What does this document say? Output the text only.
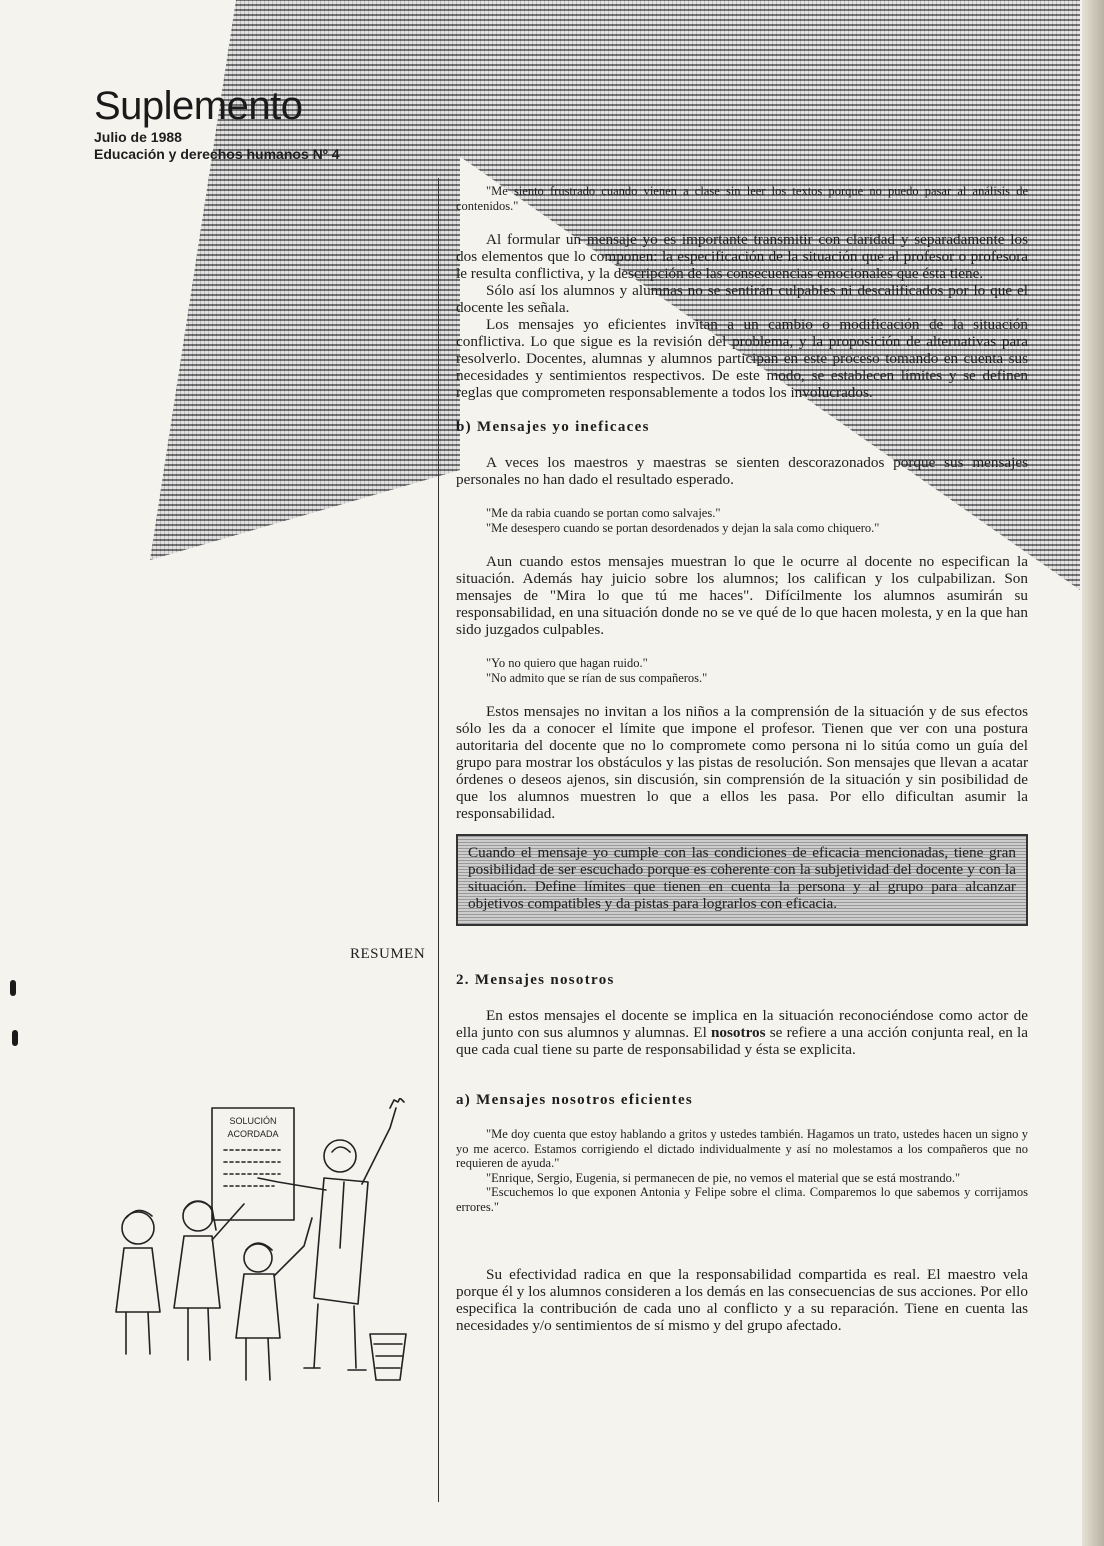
Suplemento
Julio de 1988
Educación y derechos humanos Nº 4
RESUMEN

"Me siento frustrado cuando vienen a clase sin leer los textos porque no puedo pasar al análisis de contenidos."

Al formular un mensaje yo es importante transmitir con claridad y separadamente los dos elementos que lo componen: la especificación de la situación que al profesor o profesora le resulta conflictiva, y la descripción de las consecuencias emocionales que ésta tiene.

Sólo así los alumnos y alumnas no se sentirán culpables ni descalificados por lo que el docente les señala.

Los mensajes yo eficientes invitan a un cambio o modificación de la situación conflictiva. Lo que sigue es la revisión del problema, y la proposición de alternativas para resolverlo. Docentes, alumnas y alumnos participan en este proceso tomando en cuenta sus necesidades y sentimientos respectivos. De este modo, se establecen límites y se definen reglas que comprometen responsablemente a todos los involucrados.

b) Mensajes yo ineficaces

A veces los maestros y maestras se sienten descorazonados porque sus mensajes personales no han dado el resultado esperado.

"Me da rabia cuando se portan como salvajes."

"Me desespero cuando se portan desordenados y dejan la sala como chiquero."

Aun cuando estos mensajes muestran lo que le ocurre al docente no especifican la situación. Además hay juicio sobre los alumnos; los califican y los culpabilizan. Son mensajes de "Mira lo que tú me haces". Difícilmente los alumnos asumirán su responsabilidad, en una situación donde no se ve qué de lo que hacen molesta, y en la que han sido juzgados culpables.

"Yo no quiero que hagan ruido."

"No admito que se rían de sus compañeros."

Estos mensajes no invitan a los niños a la comprensión de la situación y de sus efectos sólo les da a conocer el límite que impone el profesor. Tienen que ver con una postura autoritaria del docente que no lo compromete como persona ni lo sitúa como un guía del grupo para mostrar los obstáculos y las pistas de resolución. Son mensajes que llevan a acatar órdenes o deseos ajenos, sin discusión, sin comprensión de la situación y sin posibilidad de que los alumnos muestren lo que a ellos les pasa. Por ello dificultan asumir la responsabilidad.

Cuando el mensaje yo cumple con las condiciones de eficacia mencionadas, tiene gran posibilidad de ser escuchado porque es coherente con la subjetividad del docente y con la situación. Define límites que tienen en cuenta la persona y al grupo para alcanzar objetivos compatibles y da pistas para lograrlos con eficacia.

2. Mensajes nosotros

En estos mensajes el docente se implica en la situación reconociéndose como actor de ella junto con sus alumnos y alumnas. El nosotros se refiere a una acción conjunta real, en la que cada cual tiene su parte de responsabilidad y ésta se explicita.

a) Mensajes nosotros eficientes

"Me doy cuenta que estoy hablando a gritos y ustedes también. Hagamos un trato, ustedes hacen un signo y yo me acerco. Estamos corrigiendo el dictado individualmente y así no molestamos a los compañeros que no requieren de ayuda."

"Enrique, Sergio, Eugenia, si permanecen de pie, no vemos el material que se está mostrando."

"Escuchemos lo que exponen Antonia y Felipe sobre el clima. Comparemos lo que sabemos y corrijamos errores."

Su efectividad radica en que la responsabilidad compartida es real. El maestro vela porque él y los alumnos consideren a los demás en las consecuencias de sus acciones. Por ello especifica la contribución de cada uno al conflicto y a su reparación. Tiene en cuenta las necesidades y/o sentimientos de sí mismo y del grupo afectado.

SOLUCIÓN
ACORDADA
